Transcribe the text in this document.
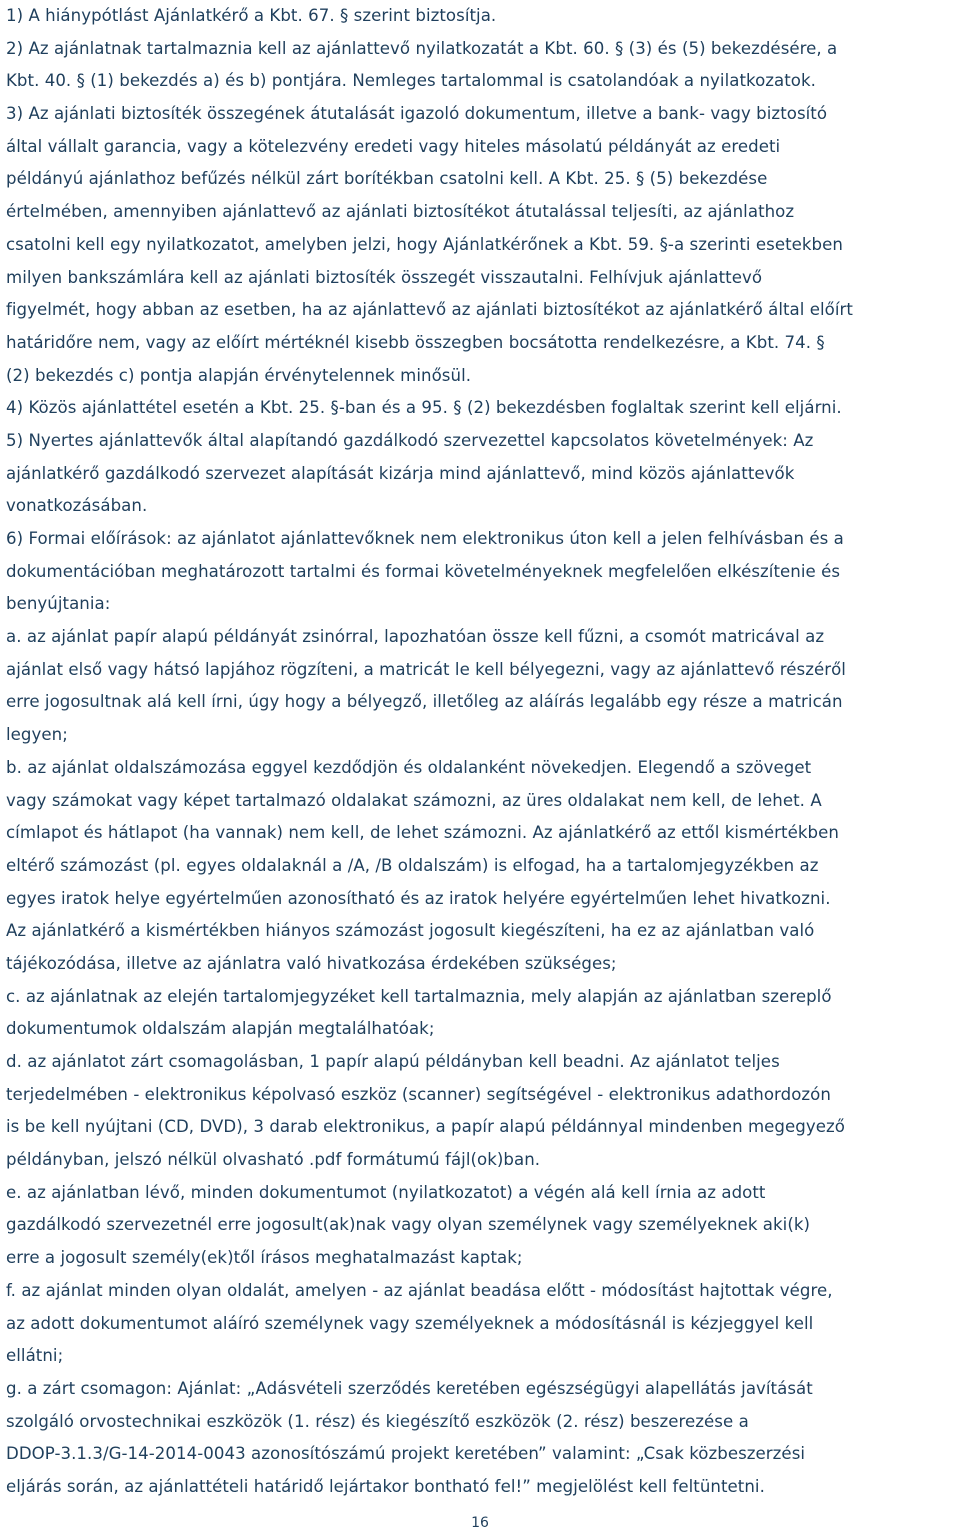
1) A hiánypótlást Ajánlatkérő a Kbt. 67. § szerint biztosítja.
2) Az ajánlatnak tartalmaznia kell az ajánlattevő nyilatkozatát a Kbt. 60. § (3) és (5) bekezdésére, a
Kbt. 40. § (1) bekezdés a) és b) pontjára. Nemleges tartalommal is csatolandóak a nyilatkozatok.
3) Az ajánlati biztosíték összegének átutalását igazoló dokumentum, illetve a bank- vagy biztosító
által vállalt garancia, vagy a kötelezvény eredeti vagy hiteles másolatú példányát az eredeti
példányú ajánlathoz befűzés nélkül zárt borítékban csatolni kell. A Kbt. 25. § (5) bekezdése
értelmében, amennyiben ajánlattevő az ajánlati biztosítékot átutalással teljesíti, az ajánlathoz
csatolni kell egy nyilatkozatot, amelyben jelzi, hogy Ajánlatkérőnek a Kbt. 59. §-a szerinti esetekben
milyen bankszámlára kell az ajánlati biztosíték összegét visszautalni. Felhívjuk ajánlattevő
figyelmét, hogy abban az esetben, ha az ajánlattevő az ajánlati biztosítékot az ajánlatkérő által előírt
határidőre nem, vagy az előírt mértéknél kisebb összegben bocsátotta rendelkezésre, a Kbt. 74. §
(2) bekezdés c) pontja alapján érvénytelennek minősül.
4) Közös ajánlattétel esetén a Kbt. 25. §-ban és a 95. § (2) bekezdésben foglaltak szerint kell eljárni.
5) Nyertes ajánlattevők által alapítandó gazdálkodó szervezettel kapcsolatos követelmények: Az
ajánlatkérő gazdálkodó szervezet alapítását kizárja mind ajánlattevő, mind közös ajánlattevők
vonatkozásában.
6) Formai előírások: az ajánlatot ajánlattevőknek nem elektronikus úton kell a jelen felhívásban és a
dokumentációban meghatározott tartalmi és formai követelményeknek megfelelően elkészítenie és
benyújtania:
a. az ajánlat papír alapú példányát zsinórral, lapozhatóan össze kell fűzni, a csomót matricával az
ajánlat első vagy hátsó lapjához rögzíteni, a matricát le kell bélyegezni, vagy az ajánlattevő részéről
erre jogosultnak alá kell írni, úgy hogy a bélyegző, illetőleg az aláírás legalább egy része a matricán
legyen;
b. az ajánlat oldalszámozása eggyel kezdődjön és oldalanként növekedjen. Elegendő a szöveget
vagy számokat vagy képet tartalmazó oldalakat számozni, az üres oldalakat nem kell, de lehet. A
címlapot és hátlapot (ha vannak) nem kell, de lehet számozni. Az ajánlatkérő az ettől kismértékben
eltérő számozást (pl. egyes oldalaknál a /A, /B oldalszám) is elfogad, ha a tartalomjegyzékben az
egyes iratok helye egyértelműen azonosítható és az iratok helyére egyértelműen lehet hivatkozni.
Az ajánlatkérő a kismértékben hiányos számozást jogosult kiegészíteni, ha ez az ajánlatban való
tájékozódása, illetve az ajánlatra való hivatkozása érdekében szükséges;
c. az ajánlatnak az elején tartalomjegyzéket kell tartalmaznia, mely alapján az ajánlatban szereplő
dokumentumok oldalszám alapján megtalálhatóak;
d. az ajánlatot zárt csomagolásban, 1 papír alapú példányban kell beadni. Az ajánlatot teljes
terjedelmében - elektronikus képolvasó eszköz (scanner) segítségével - elektronikus adathordozón
is be kell nyújtani (CD, DVD), 3 darab elektronikus, a papír alapú példánnyal mindenben megegyező
példányban, jelszó nélkül olvasható .pdf formátumú fájl(ok)ban.
e. az ajánlatban lévő, minden dokumentumot (nyilatkozatot) a végén alá kell írnia az adott
gazdálkodó szervezetnél erre jogosult(ak)nak vagy olyan személynek vagy személyeknek aki(k)
erre a jogosult személy(ek)től írásos meghatalmazást kaptak;
f. az ajánlat minden olyan oldalát, amelyen - az ajánlat beadása előtt - módosítást hajtottak végre,
az adott dokumentumot aláíró személynek vagy személyeknek a módosításnál is kézjeggyel kell
ellátni;
g. a zárt csomagon: Ajánlat: „Adásvételi szerződés keretében egészségügyi alapellátás javítását
szolgáló orvostechnikai eszközök (1. rész) és kiegészítő eszközök (2. rész) beszerezése a
DDOP-3.1.3/G-14-2014-0043 azonosítószámú projekt keretében” valamint: „Csak közbeszerzési
eljárás során, az ajánlattételi határidő lejártakor bontható fel!” megjelölést kell feltüntetni.
16
